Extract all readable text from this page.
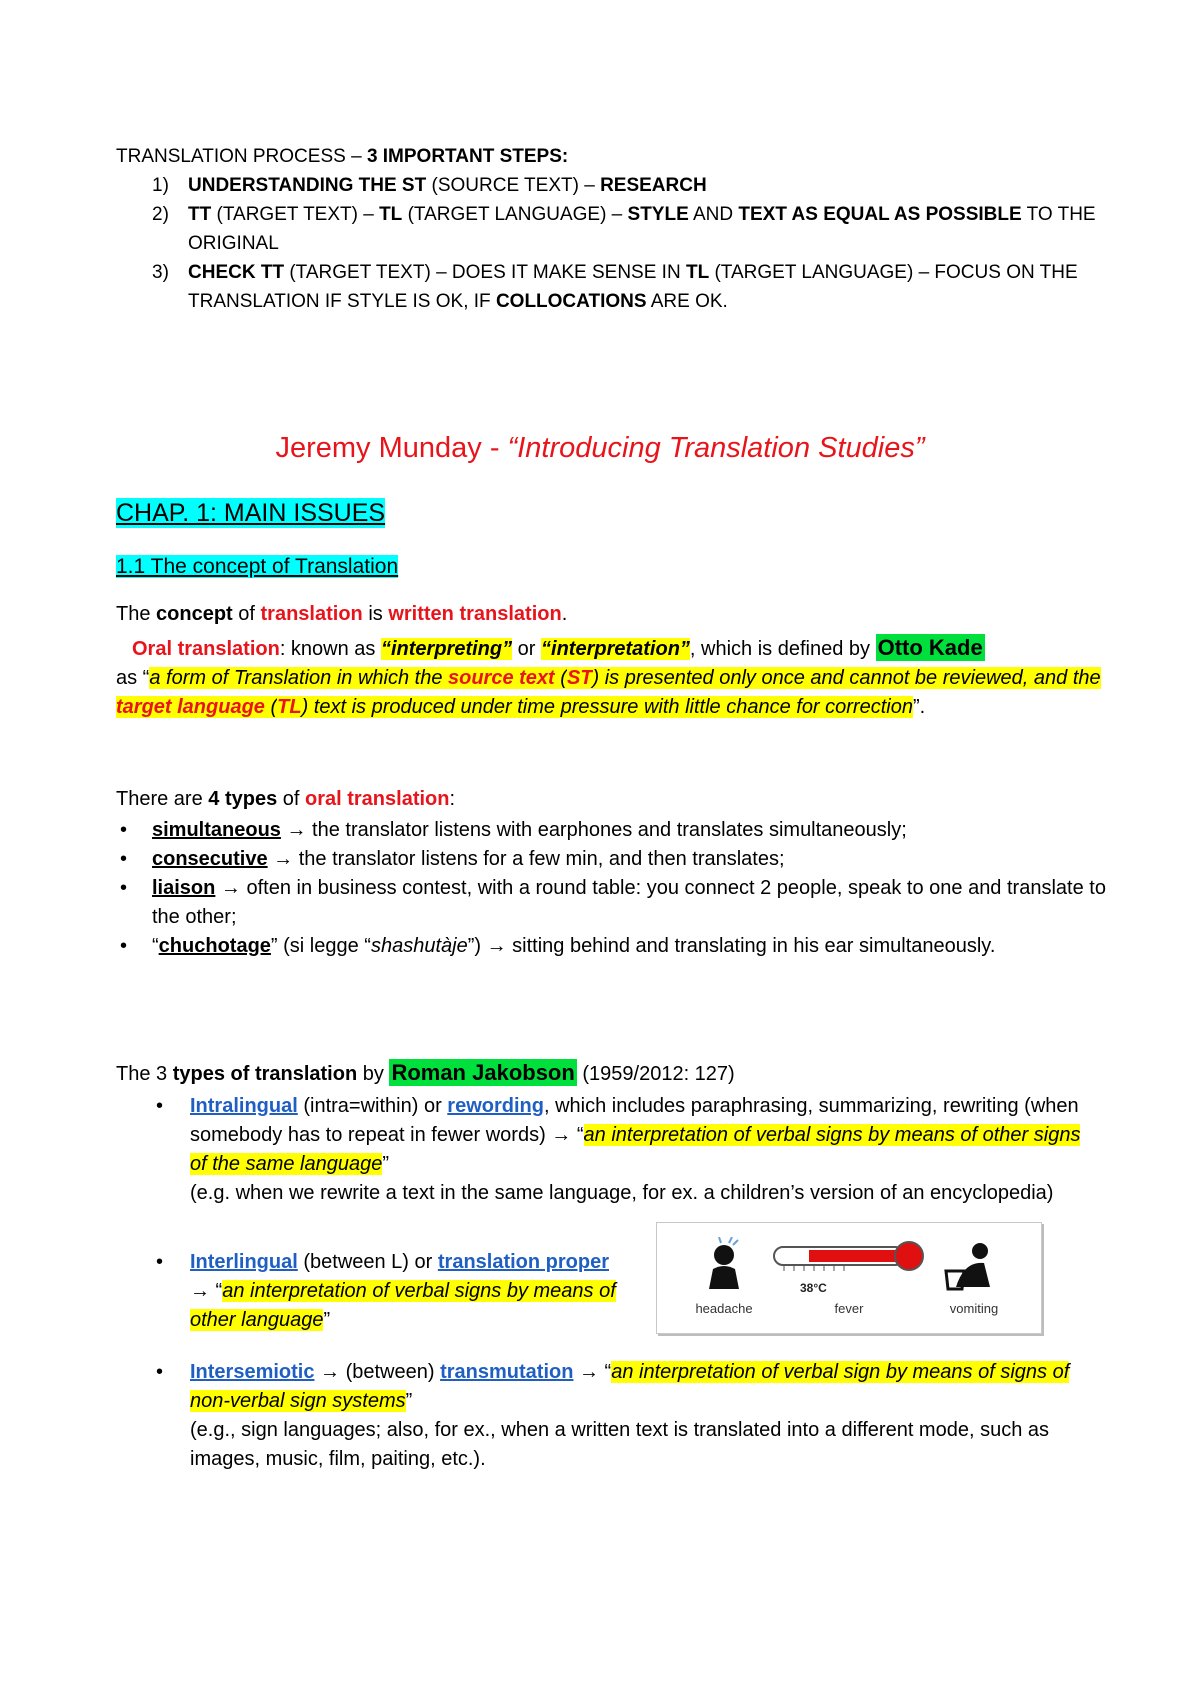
TRANSLATION PROCESS – 3 IMPORTANT STEPS:
1) UNDERSTANDING THE ST (SOURCE TEXT) – RESEARCH
2) TT (TARGET TEXT) – TL (TARGET LANGUAGE) – STYLE AND TEXT AS EQUAL AS POSSIBLE TO THE ORIGINAL
3) CHECK TT (TARGET TEXT) – DOES IT MAKE SENSE IN TL (TARGET LANGUAGE) – FOCUS ON THE TRANSLATION IF STYLE IS OK, IF COLLOCATIONS ARE OK.
Jeremy Munday - “Introducing Translation Studies”
CHAP. 1: MAIN ISSUES
1.1 The concept of Translation
The concept of translation is written translation.
Oral translation: known as “interpreting” or “interpretation”, which is defined by Otto Kade
as “a form of Translation in which the source text (ST) is presented only once and cannot be reviewed, and the target language (TL) text is produced under time pressure with little chance for correction”.
There are 4 types of oral translation:
• simultaneous → the translator listens with earphones and translates simultaneously;
• consecutive → the translator listens for a few min, and then translates;
• liaison → often in business contest, with a round table: you connect 2 people, speak to one and translate to the other;
• “chuchotage” (si legge “shashutàje”) → sitting behind and translating in his ear simultaneously.
The 3 types of translation by Roman Jakobson (1959/2012: 127)
• Intralingual (intra=within) or rewording, which includes paraphrasing, summarizing, rewriting (when somebody has to repeat in fewer words) → “an interpretation of verbal signs by means of other signs of the same language”
(e.g. when we rewrite a text in the same language, for ex. a children’s version of an encyclopedia)
• Interlingual (between L) or translation proper → “an interpretation of verbal signs by means of other language”
headache
38°C
fever	vomiting
• Intersemiotic → (between) transmutation → “an interpretation of verbal sign by means of signs of non-verbal sign systems”
(e.g., sign languages; also, for ex., when a written text is translated into a different mode, such as images, music, film, paiting, etc.).
